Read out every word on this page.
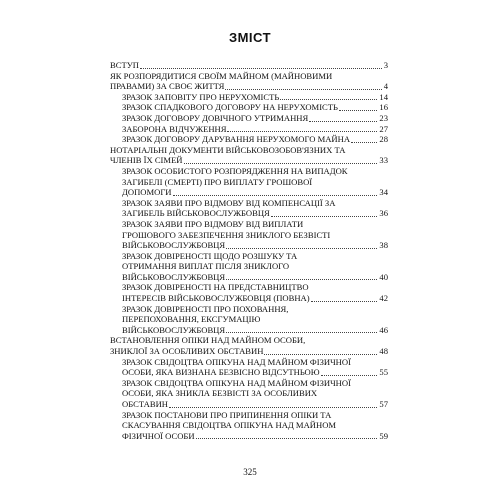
ЗМІСТ
ВСТУП	3
ЯК РОЗПОРЯДИТИСЯ СВОЇМ МАЙНОМ (МАЙНОВИМИ
ПРАВАМИ) ЗА СВОЄ ЖИТТЯ	4
ЗРАЗОК ЗАПОВІТУ ПРО НЕРУХОМІСТЬ	14
ЗРАЗОК СПАДКОВОГО ДОГОВОРУ НА НЕРУХОМІСТЬ	16
ЗРАЗОК ДОГОВОРУ ДОВІЧНОГО УТРИМАННЯ	23
ЗАБОРОНА ВІДЧУЖЕННЯ	27
ЗРАЗОК ДОГОВОРУ ДАРУВАННЯ НЕРУХОМОГО МАЙНА	28
НОТАРІАЛЬНІ ДОКУМЕНТИ ВІЙСЬКОВОЗОБОВ'ЯЗНИХ ТА
ЧЛЕНІВ ЇХ СІМЕЙ	33
ЗРАЗОК ОСОБИСТОГО РОЗПОРЯДЖЕННЯ НА ВИПАДОК
ЗАГИБЕЛІ (СМЕРТІ) ПРО ВИПЛАТУ ГРОШОВОЇ
ДОПОМОГИ	34
ЗРАЗОК ЗАЯВИ ПРО ВІДМОВУ ВІД КОМПЕНСАЦІЇ ЗА
ЗАГИБЕЛЬ ВІЙСЬКОВОСЛУЖБОВЦЯ	36
ЗРАЗОК ЗАЯВИ ПРО ВІДМОВУ ВІД ВИПЛАТИ
ГРОШОВОГО ЗАБЕЗПЕЧЕННЯ ЗНИКЛОГО БЕЗВІСТІ
ВІЙСЬКОВОСЛУЖБОВЦЯ	38
ЗРАЗОК ДОВІРЕНОСТІ ЩОДО РОЗШУКУ ТА
ОТРИМАННЯ ВИПЛАТ ПІСЛЯ ЗНИКЛОГО
ВІЙСЬКОВОСЛУЖБОВЦЯ	40
ЗРАЗОК ДОВІРЕНОСТІ НА ПРЕДСТАВНИЦТВО
ІНТЕРЕСІВ ВІЙСЬКОВОСЛУЖБОВЦЯ (ПОВНА)	42
ЗРАЗОК ДОВІРЕНОСТІ ПРО ПОХОВАННЯ,
ПЕРЕПОХОВАННЯ, ЕКСГУМАЦІЮ
ВІЙСЬКОВОСЛУЖБОВЦЯ	46
ВСТАНОВЛЕННЯ ОПІКИ НАД МАЙНОМ ОСОБИ,
ЗНИКЛОЇ ЗА ОСОБЛИВИХ ОБСТАВИН	48
ЗРАЗОК СВІДОЦТВА ОПІКУНА НАД МАЙНОМ ФІЗИЧНОЇ
ОСОБИ, ЯКА ВИЗНАНА БЕЗВІСНО ВІДСУТНЬОЮ	55
ЗРАЗОК СВІДОЦТВА ОПІКУНА НАД МАЙНОМ ФІЗИЧНОЇ
ОСОБИ, ЯКА ЗНИКЛА БЕЗВІСТІ ЗА ОСОБЛИВИХ
ОБСТАВИН	57
ЗРАЗОК ПОСТАНОВИ ПРО ПРИПИНЕННЯ ОПІКИ ТА
СКАСУВАННЯ СВІДОЦТВА ОПІКУНА НАД МАЙНОМ
ФІЗИЧНОЇ ОСОБИ	59
325
